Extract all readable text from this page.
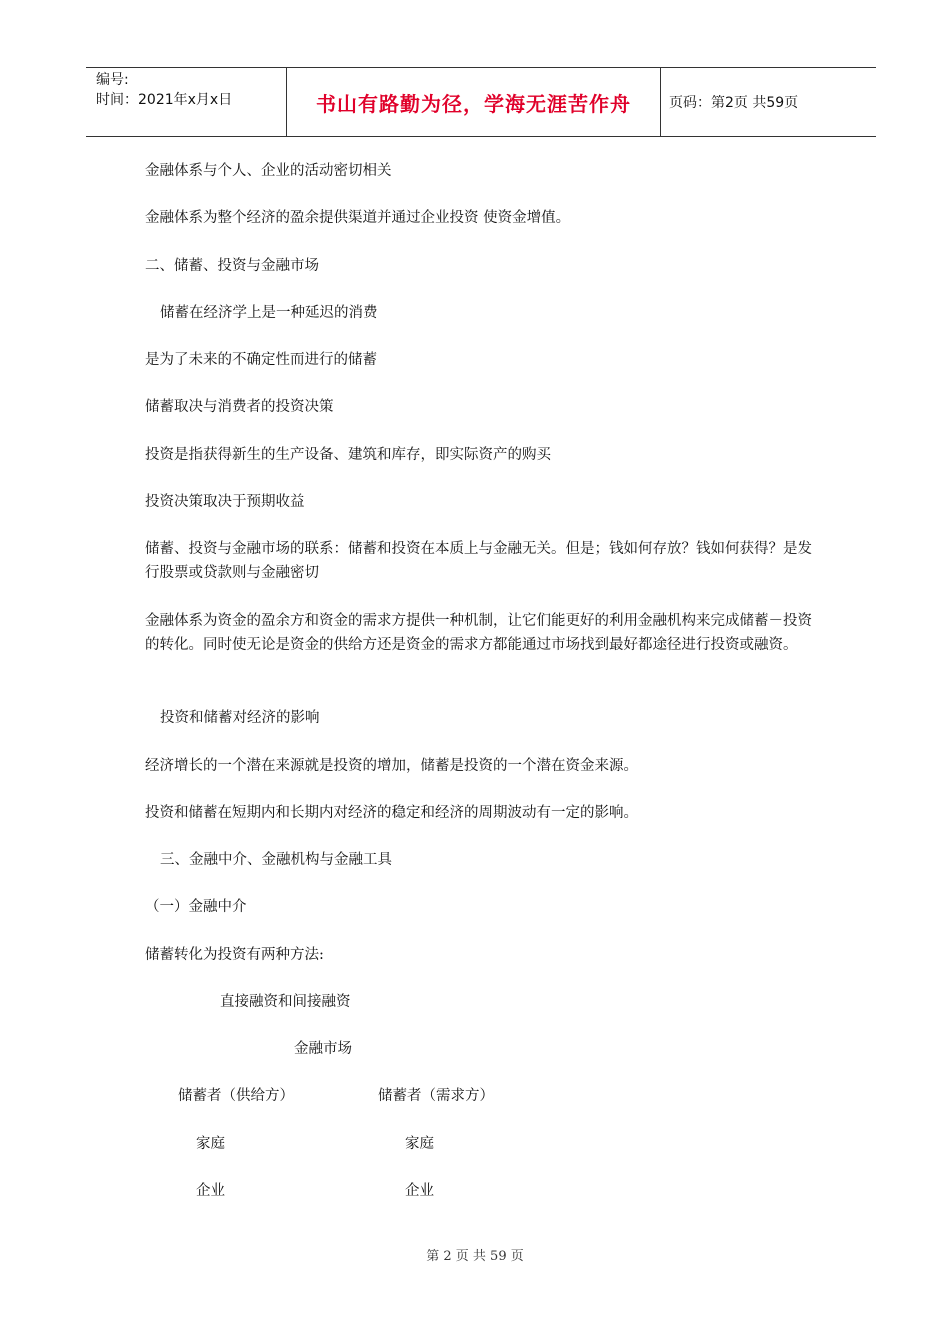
编号:
时间：2021年x月x日	书山有路勤为径，学海无涯苦作舟	页码：第2页 共59页
金融体系与个人、企业的活动密切相关
金融体系为整个经济的盈余提供渠道并通过企业投资 使资金增值。
二、储蓄、投资与金融市场
储蓄在经济学上是一种延迟的消费
是为了未来的不确定性而进行的储蓄
储蓄取决与消费者的投资决策
投资是指获得新生的生产设备、建筑和库存，即实际资产的购买
投资决策取决于预期收益
储蓄、投资与金融市场的联系：储蓄和投资在本质上与金融无关。但是；钱如何存放？钱如何获得？是发行股票或贷款则与金融密切
金融体系为资金的盈余方和资金的需求方提供一种机制，让它们能更好的利用金融机构来完成储蓄－投资的转化。同时使无论是资金的供给方还是资金的需求方都能通过市场找到最好都途径进行投资或融资。
投资和储蓄对经济的影响
经济增长的一个潜在来源就是投资的增加，储蓄是投资的一个潜在资金来源。
投资和储蓄在短期内和长期内对经济的稳定和经济的周期波动有一定的影响。
三、金融中介、金融机构与金融工具
（一）金融中介
储蓄转化为投资有两种方法:
直接融资和间接融资
金融市场
储蓄者（供给方）	储蓄者（需求方）
家庭	家庭
企业	企业
第 2 页 共 59 页
